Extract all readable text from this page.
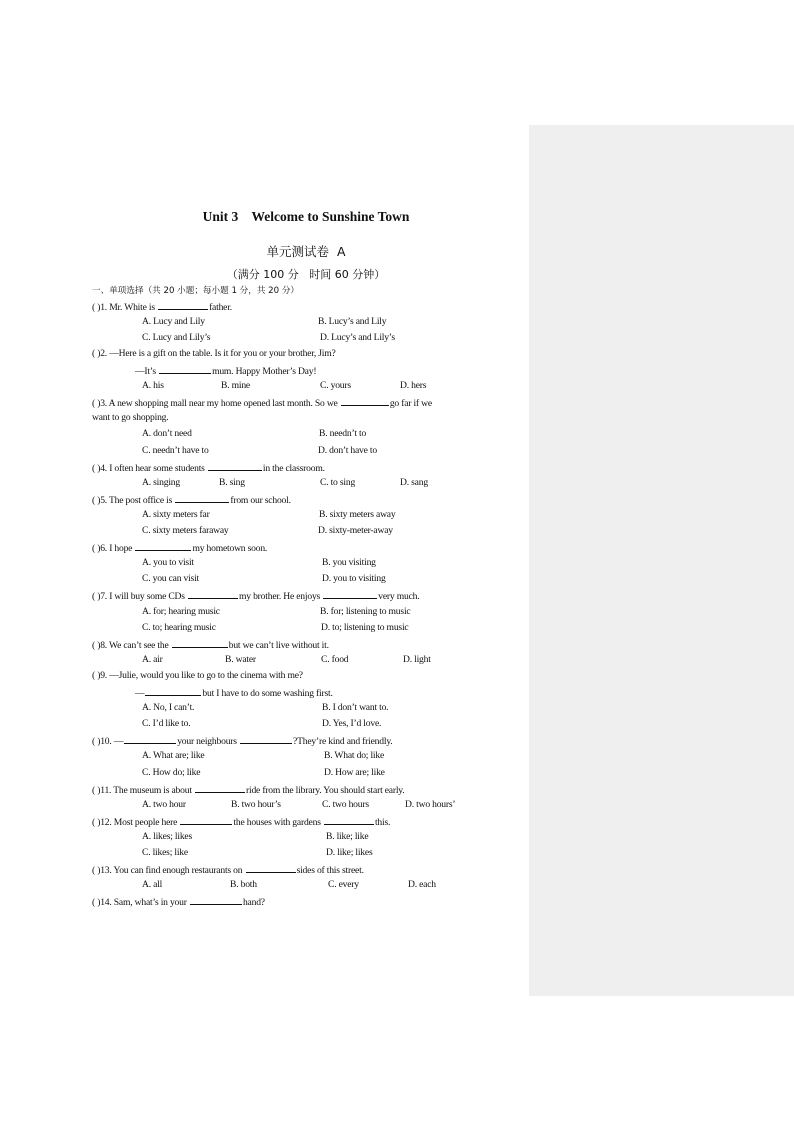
Unit 3    Welcome to Sunshine Town
单元测试卷  A
（满分 100 分   时间 60 分钟）
一、单项选择（共 20 小题；每小题 1 分，共 20 分）
( )1. Mr. White is	father.
A. Lucy and Lily	B. Lucy’s and Lily
C. Lucy and Lily’s	D. Lucy’s and Lily’s
( )2. —Here is a gift on the table. Is it for you or your brother, Jim?
—It’s	mum. Happy Mother’s Day!
A. his	B. mine	C. yours	D. hers
( )3. A new shopping mall near my home opened last month. So we	go far if we
want to go shopping.
A. don’t need	B. needn’t to
C. needn’t have to	D. don’t have to
( )4. I often hear some students	in the classroom.
A. singing	B. sing	C. to sing	D. sang
( )5. The post office is	from our school.
A. sixty meters far	B. sixty meters away
C. sixty meters faraway	D. sixty-meter-away
( )6. I hope	my hometown soon.
A. you to visit	B. you visiting
C. you can visit	D. you to visiting
( )7. I will buy some CDs	my brother. He enjoys	very much.
A. for; hearing music	B. for; listening to music
C. to; hearing music	D. to; listening to music
( )8. We can’t see the	but we can’t live without it.
A. air	B. water	C. food	D. light
( )9. —Julie, would you like to go to the cinema with me?
—	but I have to do some washing first.
A. No, I can’t.	B. I don’t want to.
C. I’d like to.	D. Yes, I’d love.
( )10. —	your neighbours	?They’re kind and friendly.
A. What are; like	B. What do; like
C. How do; like	D. How are; like
( )11. The museum is about	ride from the library. You should start early.
A. two hour	B. two hour’s	C. two hours	D. two hours’
( )12. Most people here	the houses with gardens	this.
A. likes; likes	B. like; like
C. likes; like	D. like; likes
( )13. You can find enough restaurants on	sides of this street.
A. all	B. both	C. every	D. each
( )14. Sam, what’s in your	hand?
